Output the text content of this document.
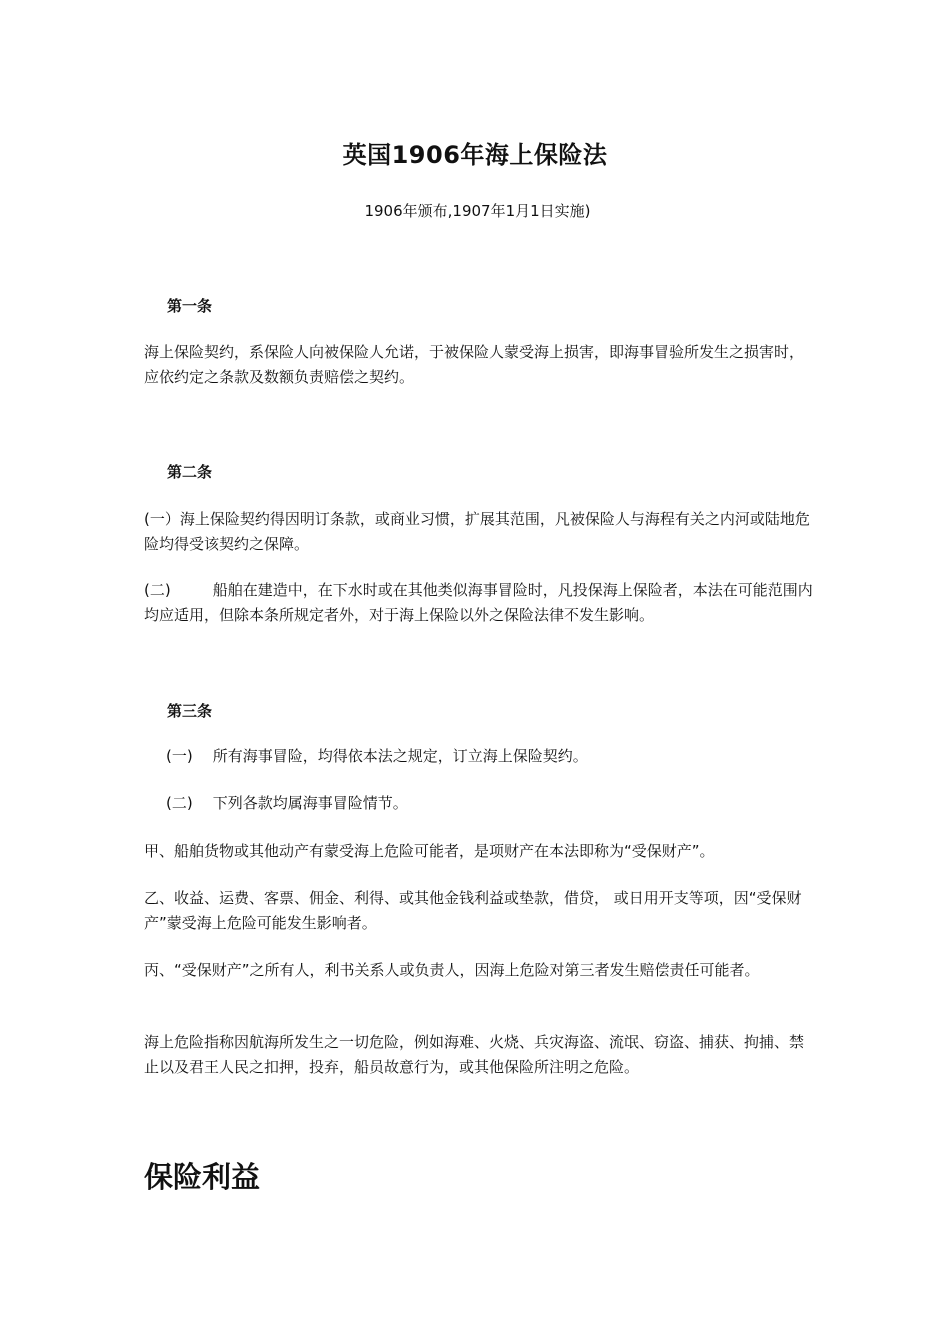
英国1906年海上保险法
1906年颁布,1907年1月1日实施)
第一条
海上保险契约，系保险人向被保险人允诺，于被保险人蒙受海上损害，即海事冒验所发生之损害时，应依约定之条款及数额负责赔偿之契约。
第二条
(一）海上保险契约得因明订条款，或商业习惯，扩展其范围，凡被保险人与海程有关之内河或陆地危险均得受该契约之保障。
(二)	船舶在建造中，在下水时或在其他类似海事冒险时，凡投保海上保险者，本法在可能范围内均应适用，但除本条所规定者外，对于海上保险以外之保险法律不发生影响。
第三条
(一) 所有海事冒险，均得依本法之规定，订立海上保险契约。
(二) 下列各款均属海事冒险情节。
甲、船舶货物或其他动产有蒙受海上危险可能者，是项财产在本法即称为“受保财产”。
乙、收益、运费、客票、佣金、利得、或其他金钱利益或垫款，借贷， 或日用开支等项，因“受保财产”蒙受海上危险可能发生影响者。
丙、“受保财产”之所有人，利书关系人或负责人，因海上危险对第三者发生赔偿责任可能者。
海上危险指称因航海所发生之一切危险，例如海难、火烧、兵灾海盗、流氓、窃盗、捕获、拘捕、禁止以及君王人民之扣押，投弃，船员故意行为，或其他保险所注明之危险。
保险利益
